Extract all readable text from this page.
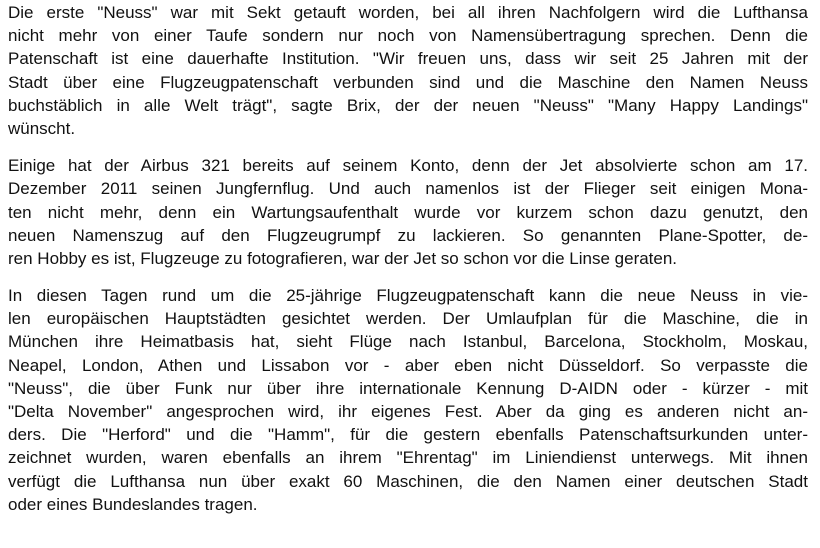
Die erste "Neuss" war mit Sekt getauft worden, bei all ihren Nachfolgern wird die Lufthansa
nicht mehr von einer Taufe sondern nur noch von Namensübertragung sprechen. Denn die
Patenschaft ist eine dauerhafte Institution. "Wir freuen uns, dass wir seit 25 Jahren mit der
Stadt über eine Flugzeugpatenschaft verbunden sind und die Maschine den Namen Neuss
buchstäblich in alle Welt trägt", sagte Brix, der der neuen "Neuss" "Many Happy Landings"
wünscht.
Einige hat der Airbus 321 bereits auf seinem Konto, denn der Jet absolvierte schon am 17.
Dezember 2011 seinen Jungfernflug. Und auch namenlos ist der Flieger seit einigen Mona-
ten nicht mehr, denn ein Wartungsaufenthalt wurde vor kurzem schon dazu genutzt, den
neuen Namenszug auf den Flugzeugrumpf zu lackieren. So genannten Plane-Spotter, de-
ren Hobby es ist, Flugzeuge zu fotografieren, war der Jet so schon vor die Linse geraten.
In diesen Tagen rund um die 25-jährige Flugzeugpatenschaft kann die neue Neuss in vie-
len europäischen Hauptstädten gesichtet werden. Der Umlaufplan für die Maschine, die in
München ihre Heimatbasis hat, sieht Flüge nach Istanbul, Barcelona, Stockholm, Moskau,
Neapel, London, Athen und Lissabon vor - aber eben nicht Düsseldorf. So verpasste die
"Neuss", die über Funk nur über ihre internationale Kennung D-AIDN oder - kürzer - mit
"Delta November" angesprochen wird, ihr eigenes Fest. Aber da ging es anderen nicht an-
ders. Die "Herford" und die "Hamm", für die gestern ebenfalls Patenschaftsurkunden unter-
zeichnet wurden, waren ebenfalls an ihrem "Ehrentag" im Liniendienst unterwegs. Mit ihnen
verfügt die Lufthansa nun über exakt 60 Maschinen, die den Namen einer deutschen Stadt
oder eines Bundeslandes tragen.
